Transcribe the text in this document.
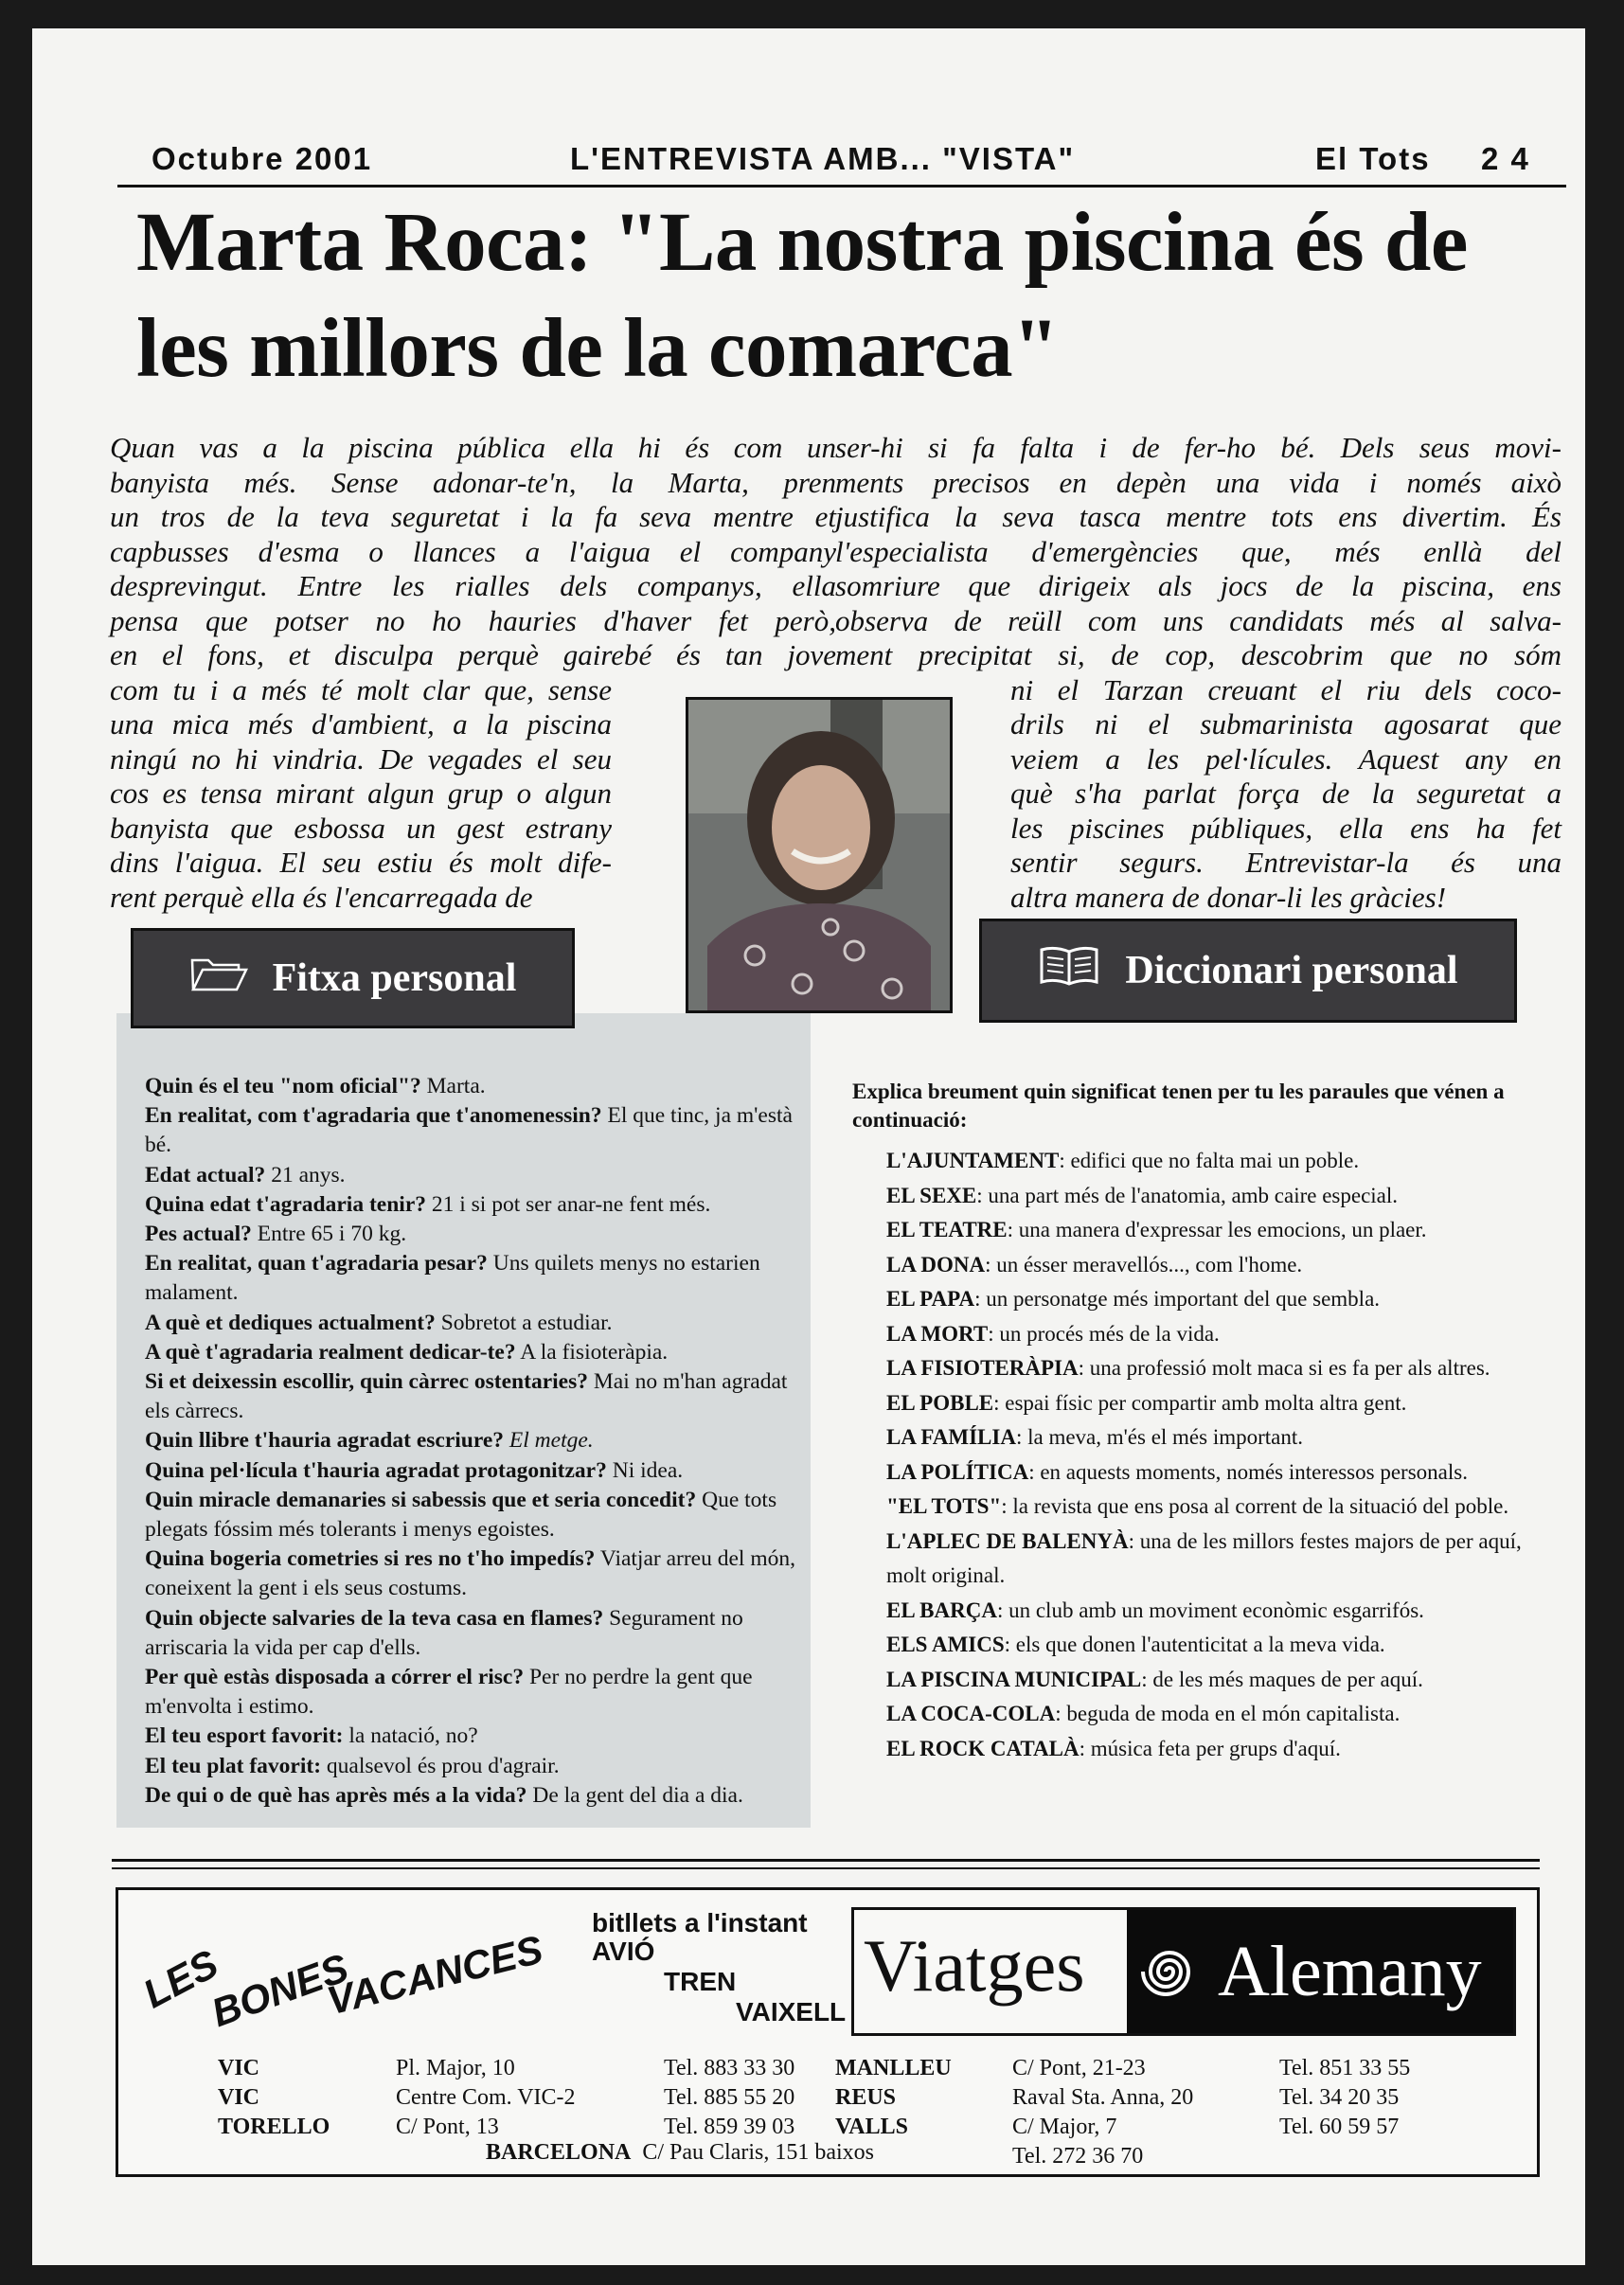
Octubre 2001	L'ENTREVISTA AMB... "VISTA"	El Tots 2 4
Marta Roca: "La nostra piscina és de les millors de la comarca"
Quan vas a la piscina pública ella hi és com un
banyista més. Sense adonar-te'n, la Marta, pren
un tros de la teva seguretat i la fa seva mentre et
capbusses d'esma o llances a l'aigua el company
desprevingut. Entre les rialles dels companys, ella
pensa que potser no ho hauries d'haver fet però,
en el fons, et disculpa perquè gairebé és tan jove
com tu i a més té molt clar que, sense
una mica més d'ambient, a la piscina
ningú no hi vindria. De vegades el seu
cos es tensa mirant algun grup o algun
banyista que esbossa un gest estrany
dins l'aigua. El seu estiu és molt dife-
rent perquè ella és l'encarregada de
ser-hi si fa falta i de fer-ho bé. Dels seus movi-
ments precisos en depèn una vida i només això
justifica la seva tasca mentre tots ens divertim. És
l'especialista d'emergències que, més enllà del
somriure que dirigeix als jocs de la piscina, ens
observa de reüll com uns candidats més al salva-
ment precipitat si, de cop, descobrim que no sóm
ni el Tarzan creuant el riu dels coco-
drils ni el submarinista agosarat que
veiem a les pel·lícules. Aquest any en
què s'ha parlat força de la seguretat a
les piscines públiques, ella ens ha fet
sentir segurs. Entrevistar-la és una
altra manera de donar-li les gràcies!

Quin és el teu "nom oficial"? Marta.

En realitat, com t'agradaria que t'anomenessin? El que tinc, ja m'està bé.

Edat actual? 21 anys.

Quina edat t'agradaria tenir? 21 i si pot ser anar-ne fent més.

Pes actual? Entre 65 i 70 kg.

En realitat, quan t'agradaria pesar? Uns quilets menys no estarien malament.

A què et dediques actualment? Sobretot a estudiar.

A què t'agradaria realment dedicar-te? A la fisioteràpia.

Si et deixessin escollir, quin càrrec ostentaries? Mai no m'han agradat els càrrecs.

Quin llibre t'hauria agradat escriure? El metge.

Quina pel·lícula t'hauria agradat protagonitzar? Ni idea.

Quin miracle demanaries si sabessis que et seria concedit? Que tots plegats fóssim més tolerants i menys egoistes.

Quina bogeria cometries si res no t'ho impedís? Viatjar arreu del món, coneixent la gent i els seus costums.

Quin objecte salvaries de la teva casa en flames? Segurament no arriscaria la vida per cap d'ells.

Per què estàs disposada a córrer el risc? Per no perdre la gent que m'envolta i estimo.

El teu esport favorit: la natació, no?

El teu plat favorit: qualsevol és prou d'agrair.

De qui o de què has après més a la vida? De la gent del dia a dia.

Fitxa personal

Explica breument quin significat tenen per tu les paraules que vénen a continuació:

L'AJUNTAMENT: edifici que no falta mai un poble.

EL SEXE: una part més de l'anatomia, amb caire especial.

EL TEATRE: una manera d'expressar les emocions, un plaer.

LA DONA: un ésser meravellós..., com l'home.

EL PAPA: un personatge més important del que sembla.

LA MORT: un procés més de la vida.

LA FISIOTERÀPIA: una professió molt maca si es fa per als altres.

EL POBLE: espai físic per compartir amb molta altra gent.

LA FAMÍLIA: la meva, m'és el més important.

LA POLÍTICA: en aquests moments, només interessos personals.

"EL TOTS": la revista que ens posa al corrent de la situació del poble.

L'APLEC DE BALENYÀ: una de les millors festes majors de per aquí, molt original.

EL BARÇA: un club amb un moviment econòmic esgarrifós.

ELS AMICS: els que donen l'autenticitat a la meva vida.

LA PISCINA MUNICIPAL: de les més maques de per aquí.

LA COCA-COLA: beguda de moda en el món capitalista.

EL ROCK CATALÀ: música feta per grups d'aquí.

Diccionari personal
LES
BONES
VACANCES
bitllets a l'instant
AVIÓ
TREN
VAIXELL
Viatges Alemany

VIC

VIC

TORELLO

Pl. Major, 10

Centre Com. VIC-2

C/ Pont, 13

Tel. 883 33 30

Tel. 885 55 20

Tel. 859 39 03

MANLLEU

REUS

VALLS

C/ Pont, 21-23

Raval Sta. Anna, 20

C/ Major, 7

Tel. 272 36 70

Tel. 851 33 55

Tel. 34 20 35

Tel. 60 59 57

BARCELONA C/ Pau Claris, 151 baixos
